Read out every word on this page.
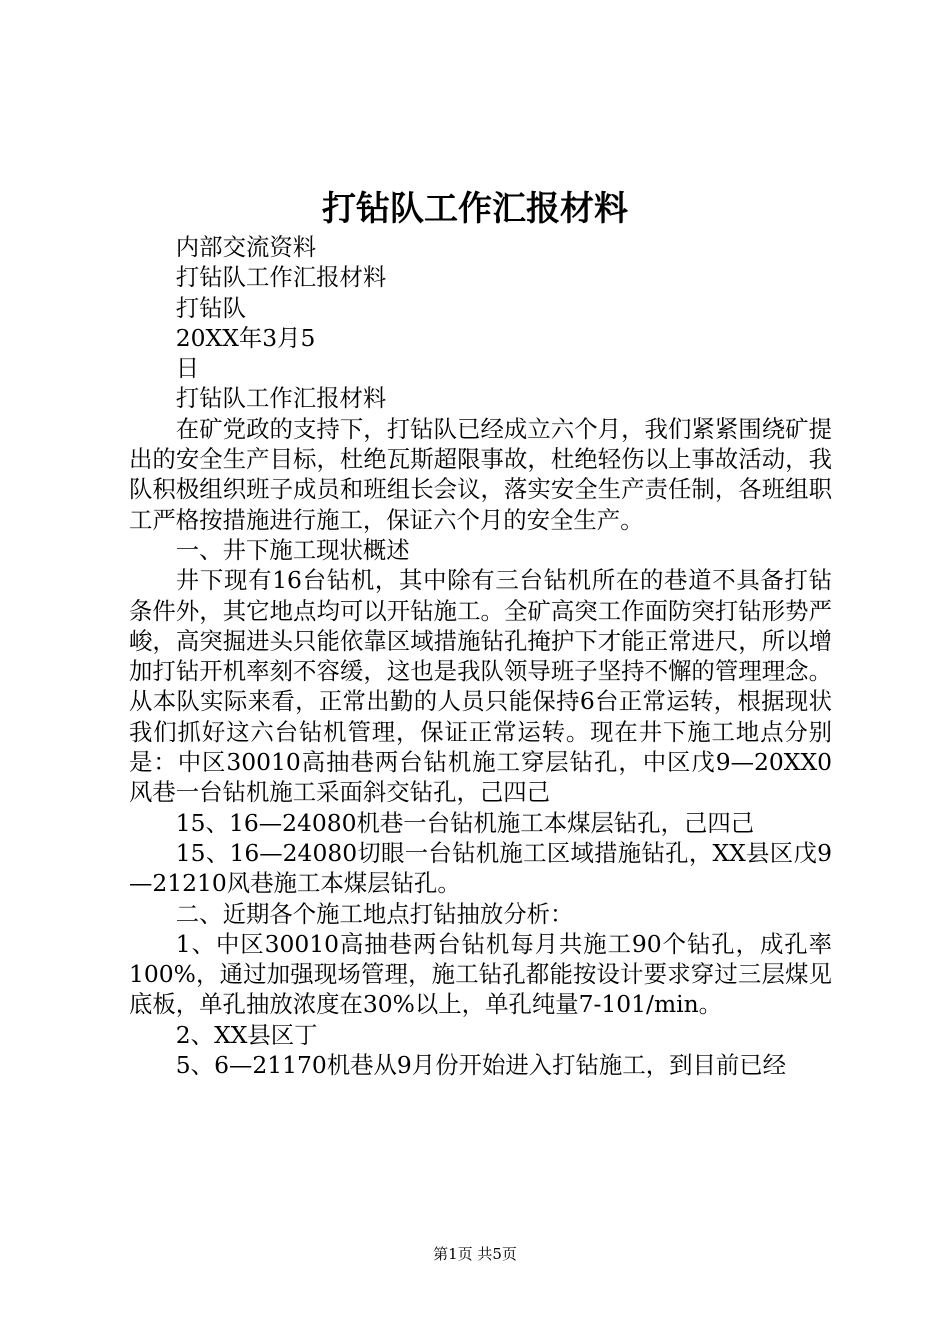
打钻队工作汇报材料

内部交流资料

打钻队工作汇报材料

打钻队

20XX年3月5

日

打钻队工作汇报材料

在矿党政的支持下，打钻队已经成立六个月，我们紧紧围绕矿提出的安全生产目标，杜绝瓦斯超限事故，杜绝轻伤以上事故活动，我队积极组织班子成员和班组长会议，落实安全生产责任制，各班组职工严格按措施进行施工，保证六个月的安全生产。

一、井下施工现状概述

井下现有16台钻机，其中除有三台钻机所在的巷道不具备打钻条件外，其它地点均可以开钻施工。全矿高突工作面防突打钻形势严峻，高突掘进头只能依靠区域措施钻孔掩护下才能正常进尺，所以增加打钻开机率刻不容缓，这也是我队领导班子坚持不懈的管理理念。从本队实际来看，正常出勤的人员只能保持6台正常运转，根据现状我们抓好这六台钻机管理，保证正常运转。现在井下施工地点分别是：中区30010高抽巷两台钻机施工穿层钻孔，中区戊9—20XX0风巷一台钻机施工采面斜交钻孔，己四己

15、16—24080机巷一台钻机施工本煤层钻孔，己四己

15、16—24080切眼一台钻机施工区域措施钻孔，XX县区戊9—21210风巷施工本煤层钻孔。

二、近期各个施工地点打钻抽放分析：

1、中区30010高抽巷两台钻机每月共施工90个钻孔，成孔率100%，通过加强现场管理，施工钻孔都能按设计要求穿过三层煤见底板，单孔抽放浓度在30%以上，单孔纯量7-101/min。

2、XX县区丁

5、6—21170机巷从9月份开始进入打钻施工，到目前已经

第1页 共5页
